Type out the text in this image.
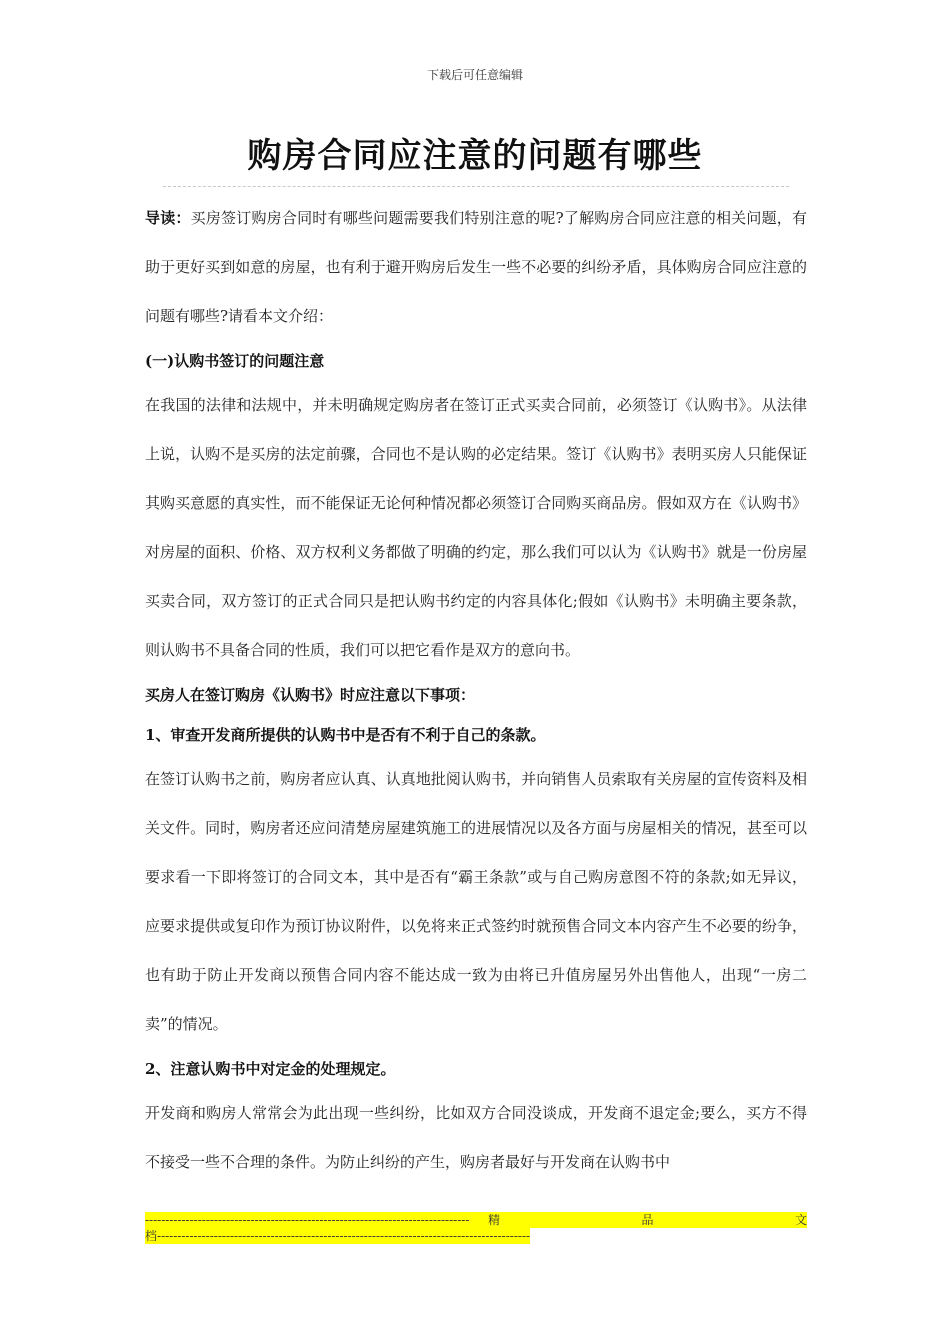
下载后可任意编辑
购房合同应注意的问题有哪些

导读：买房签订购房合同时有哪些问题需要我们特别注意的呢?了解购房合同应注意的相关问题，有助于更好买到如意的房屋，也有利于避开购房后发生一些不必要的纠纷矛盾，具体购房合同应注意的问题有哪些?请看本文介绍：

(一)认购书签订的问题注意

在我国的法律和法规中，并未明确规定购房者在签订正式买卖合同前，必须签订《认购书》。从法律上说，认购不是买房的法定前骤，合同也不是认购的必定结果。签订《认购书》表明买房人只能保证其购买意愿的真实性，而不能保证无论何种情况都必须签订合同购买商品房。假如双方在《认购书》对房屋的面积、价格、双方权利义务都做了明确的约定，那么我们可以认为《认购书》就是一份房屋买卖合同，双方签订的正式合同只是把认购书约定的内容具体化;假如《认购书》未明确主要条款，则认购书不具备合同的性质，我们可以把它看作是双方的意向书。

买房人在签订购房《认购书》时应注意以下事项：

1、审查开发商所提供的认购书中是否有不利于自己的条款。

在签订认购书之前，购房者应认真、认真地批阅认购书，并向销售人员索取有关房屋的宣传资料及相关文件。同时，购房者还应问清楚房屋建筑施工的进展情况以及各方面与房屋相关的情况，甚至可以要求看一下即将签订的合同文本，其中是否有“霸王条款”或与自己购房意图不符的条款;如无异议，应要求提供或复印作为预订协议附件，以免将来正式签约时就预售合同文本内容产生不必要的纷争，也有助于防止开发商以预售合同内容不能达成一致为由将已升值房屋另外出售他人，出现“一房二卖”的情况。

2、注意认购书中对定金的处理规定。

开发商和购房人常常会为此出现一些纠纷，比如双方合同没谈成，开发商不退定金;要么，买方不得不接受一些不合理的条件。为防止纠纷的产生，购房者最好与开发商在认购书中

-------------------------------------------------------------------------------- 精	品	文
档--------------------------------------------------------------------------------------------
